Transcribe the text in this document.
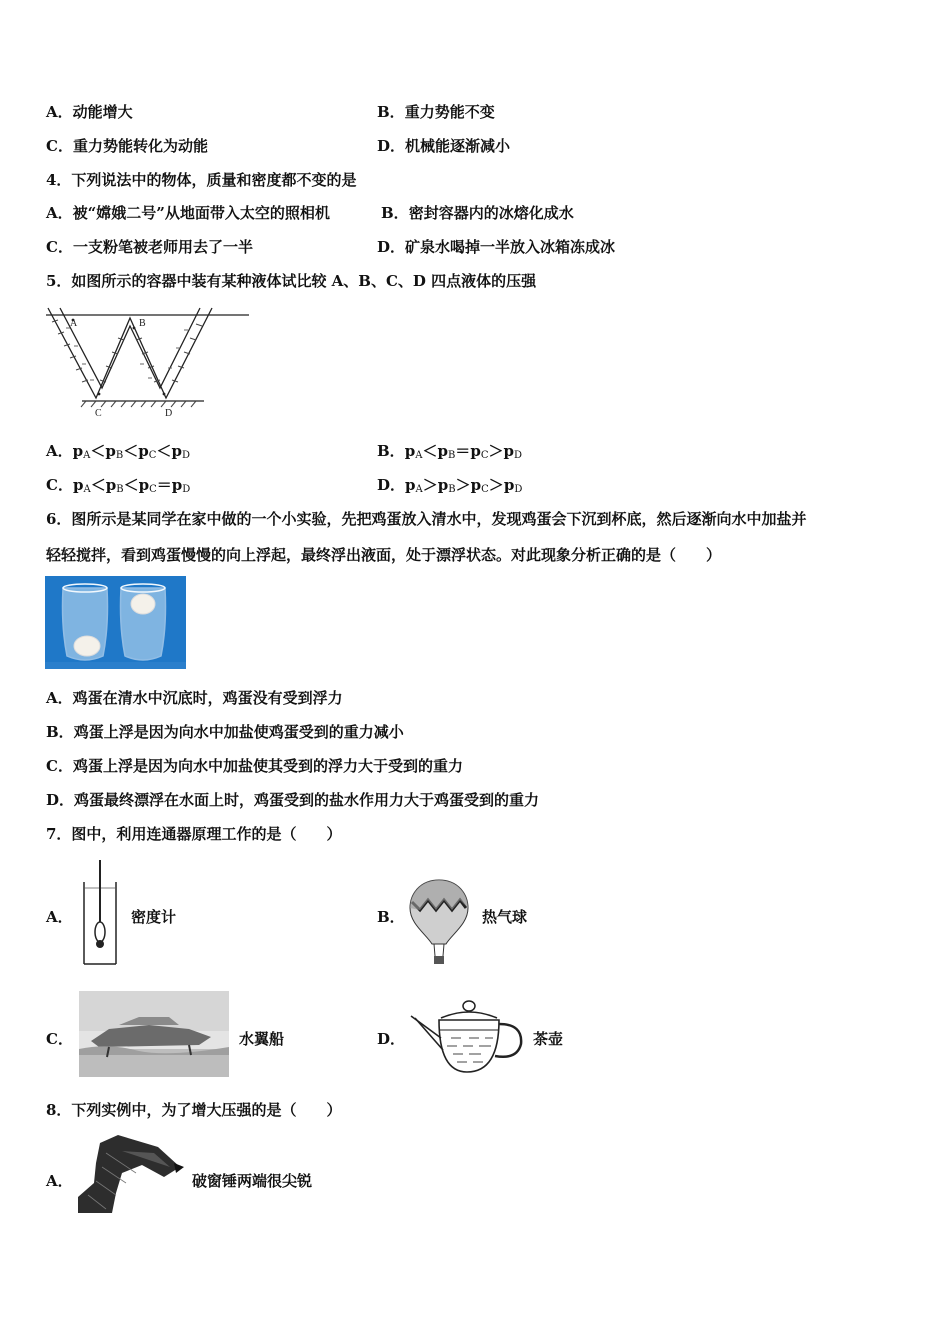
A．动能增大	B．重力势能不变
C．重力势能转化为动能	D．机械能逐渐减小
4．下列说法中的物体，质量和密度都不变的是
A．被“嫦娥二号”从地面带入太空的照相机	B．密封容器内的冰熔化成水
C．一支粉笔被老师用去了一半	D．矿泉水喝掉一半放入冰箱冻成冰
5．如图所示的容器中装有某种液体试比较 A、B、C、D 四点液体的压强
A	B
C	D
A．$p_A<p_B<p_C<p_D$	B．$p_A<p_B=p_C>p_D$
C．$p_A<p_B<p_C=p_D$	D．$p_A>p_B>p_C>p_D$
6．图所示是某同学在家中做的一个小实验，先把鸡蛋放入清水中，发现鸡蛋会下沉到杯底，然后逐渐向水中加盐并
轻轻搅拌，看到鸡蛋慢慢的向上浮起，最终浮出液面，处于漂浮状态。对此现象分析正确的是（　　）
A．鸡蛋在清水中沉底时，鸡蛋没有受到浮力
B．鸡蛋上浮是因为向水中加盐使鸡蛋受到的重力减小
C．鸡蛋上浮是因为向水中加盐使其受到的浮力大于受到的重力
D．鸡蛋最终漂浮在水面上时，鸡蛋受到的盐水作用力大于鸡蛋受到的重力
7．图中，利用连通器原理工作的是（　　）
A．	密度计	B．	热气球
C．	水翼船	D．	茶壶
8．下列实例中，为了增大压强的是（　　）
A．	破窗锤两端很尖锐
